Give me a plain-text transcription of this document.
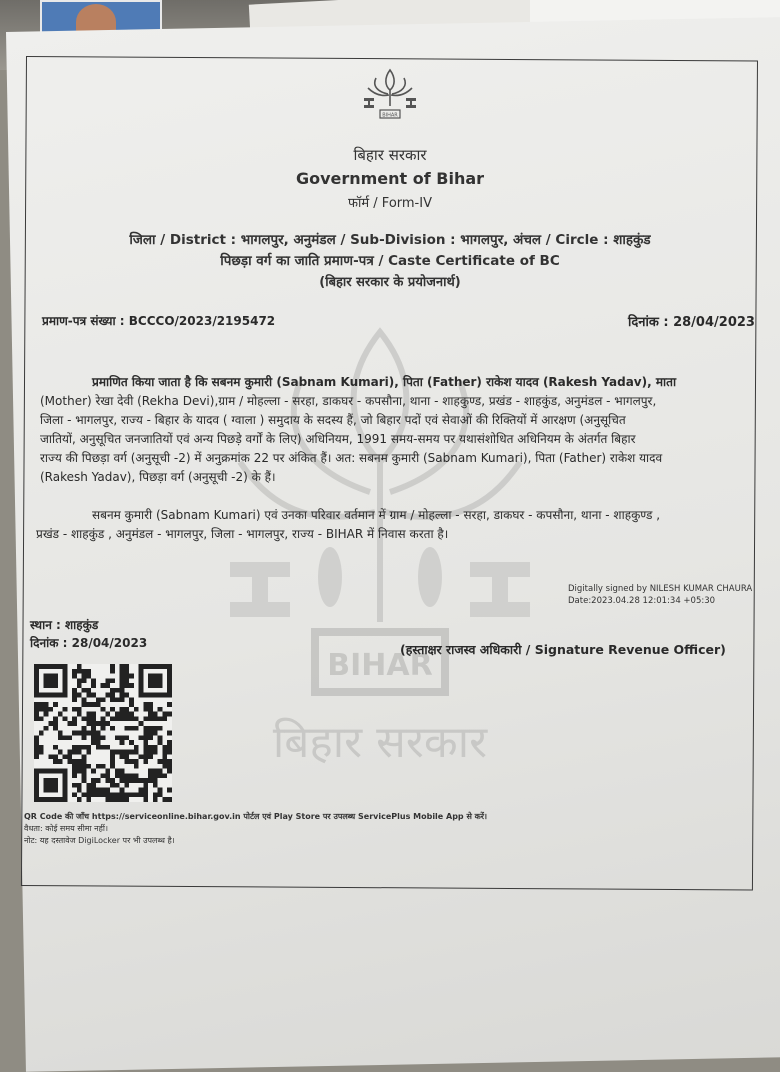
BIHAR
बिहार सरकार
BIHAR
बिहार सरकार
Government of Bihar
फॉर्म / Form-IV
जिला / District : भागलपुर, अनुमंडल / Sub-Division : भागलपुर, अंचल / Circle : शाहकुंड
पिछड़ा वर्ग का जाति प्रमाण-पत्र / Caste Certificate of BC
(बिहार सरकार के प्रयोजनार्थ)
प्रमाण-पत्र संख्या : BCCCO/2023/2195472	दिनांक : 28/04/2023
प्रमाणित किया जाता है कि सबनम कुमारी (Sabnam Kumari), पिता (Father) राकेश यादव (Rakesh Yadav), माता
(Mother) रेखा देवी (Rekha Devi),ग्राम / मोहल्ला - सरहा, डाकघर - कपसौना, थाना - शाहकुण्ड, प्रखंड - शाहकुंड, अनुमंडल - भागलपुर,
जिला - भागलपुर, राज्य - बिहार के यादव ( ग्वाला ) समुदाय के सदस्य हैं, जो बिहार पदों एवं सेवाओं की रिक्तियों में आरक्षण (अनुसूचित
जातियों, अनुसूचित जनजातियों एवं अन्य पिछड़े वर्गों के लिए) अधिनियम, 1991 समय-समय पर यथासंशोधित अधिनियम के अंतर्गत बिहार
राज्य की पिछड़ा वर्ग (अनुसूची -2) में अनुक्रमांक 22 पर अंकित हैं। अत: सबनम कुमारी (Sabnam Kumari), पिता (Father) राकेश यादव
(Rakesh Yadav), पिछड़ा वर्ग (अनुसूची -2) के हैं।
सबनम कुमारी (Sabnam Kumari) एवं उनका परिवार वर्तमान में ग्राम / मोहल्ला - सरहा, डाकघर - कपसौना, थाना - शाहकुण्ड ,
प्रखंड - शाहकुंड , अनुमंडल - भागलपुर, जिला - भागलपुर, राज्य - BIHAR में निवास करता है।
Digitally signed by NILESH KUMAR CHAURA
Date:2023.04.28 12:01:34 +05:30
स्थान : शाहकुंड
दिनांक : 28/04/2023	(हस्ताक्षर राजस्व अधिकारी / Signature Revenue Officer)
QR Code की जाँच https://serviceonline.bihar.gov.in पोर्टल एवं Play Store पर उपलब्ध ServicePlus Mobile App से करें।
वैधता: कोई समय सीमा नहीं।
नोट: यह दस्तावेज DigiLocker पर भी उपलब्ध है।
